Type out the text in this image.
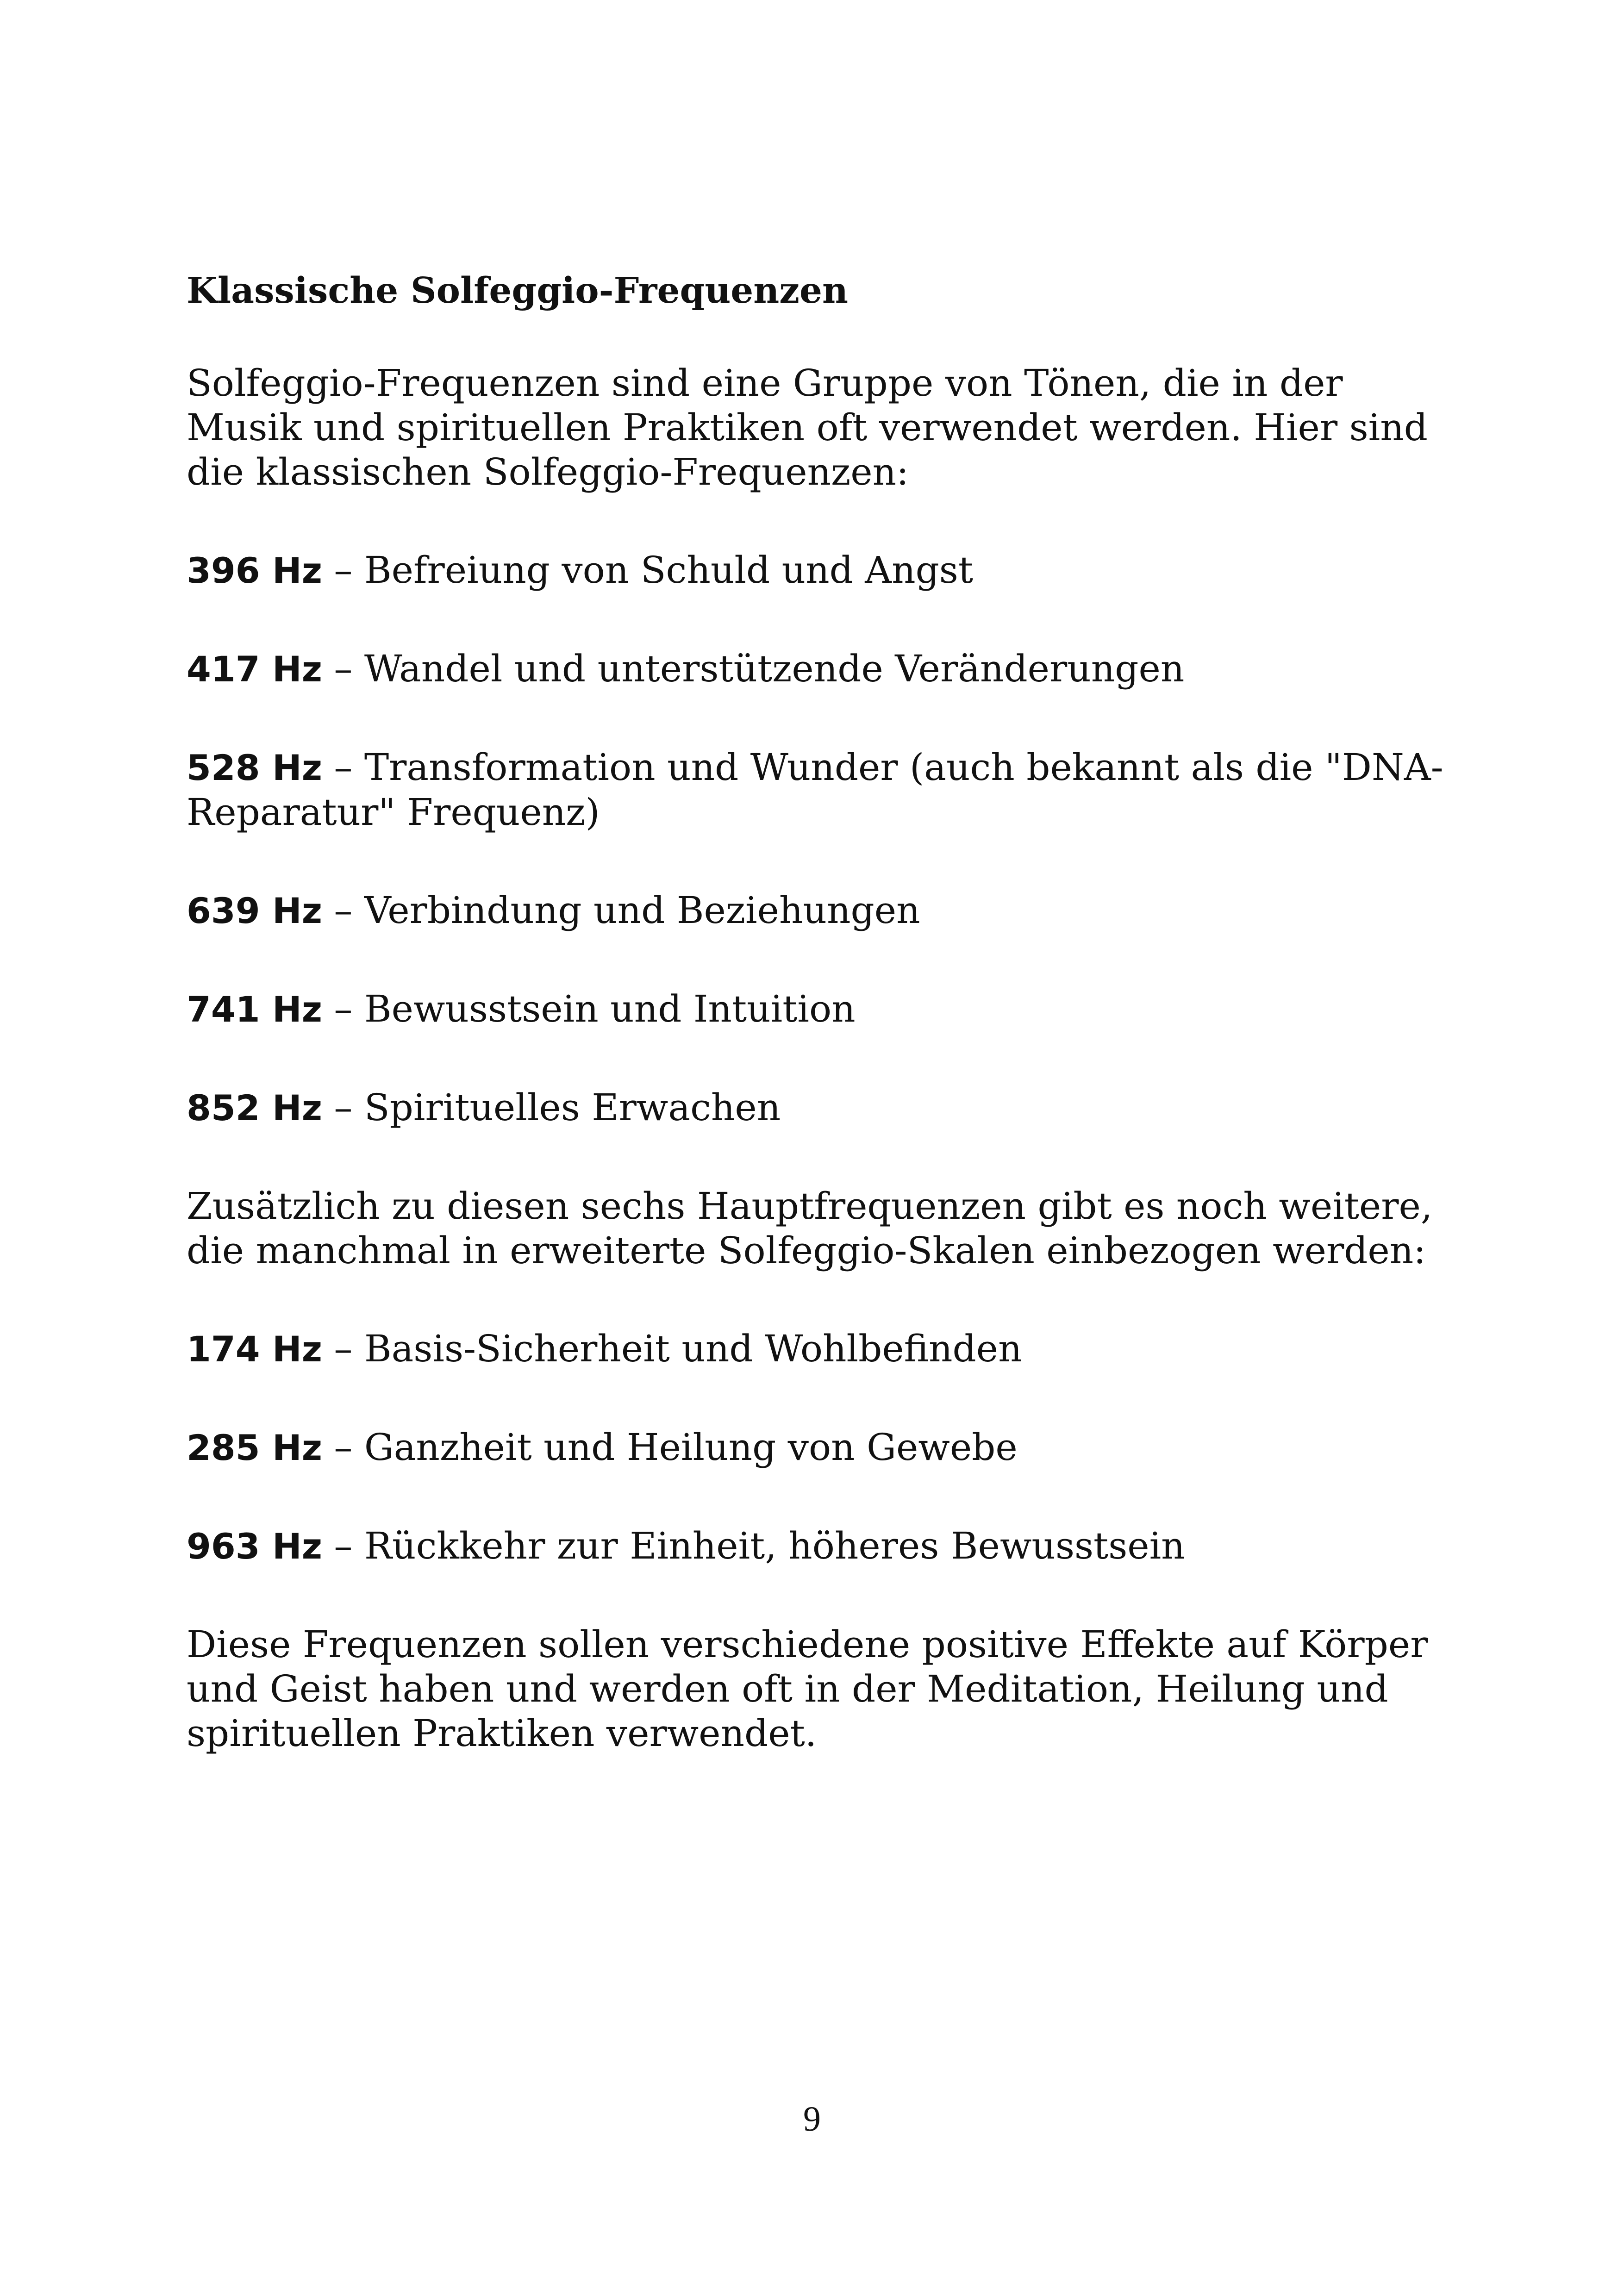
Klassische Solfeggio-Frequenzen
Solfeggio-Frequenzen sind eine Gruppe von Tönen, die in der Musik und spirituellen Praktiken oft verwendet werden. Hier sind die klassischen Solfeggio-Frequenzen:
396 Hz – Befreiung von Schuld und Angst
417 Hz – Wandel und unterstützende Veränderungen
528 Hz – Transformation und Wunder (auch bekannt als die "DNA-Reparatur" Frequenz)
639 Hz – Verbindung und Beziehungen
741 Hz – Bewusstsein und Intuition
852 Hz – Spirituelles Erwachen
Zusätzlich zu diesen sechs Hauptfrequenzen gibt es noch weitere, die manchmal in erweiterte Solfeggio-Skalen einbezogen werden:
174 Hz – Basis-Sicherheit und Wohlbefinden
285 Hz – Ganzheit und Heilung von Gewebe
963 Hz – Rückkehr zur Einheit, höheres Bewusstsein
Diese Frequenzen sollen verschiedene positive Effekte auf Körper und Geist haben und werden oft in der Meditation, Heilung und spirituellen Praktiken verwendet.
9
